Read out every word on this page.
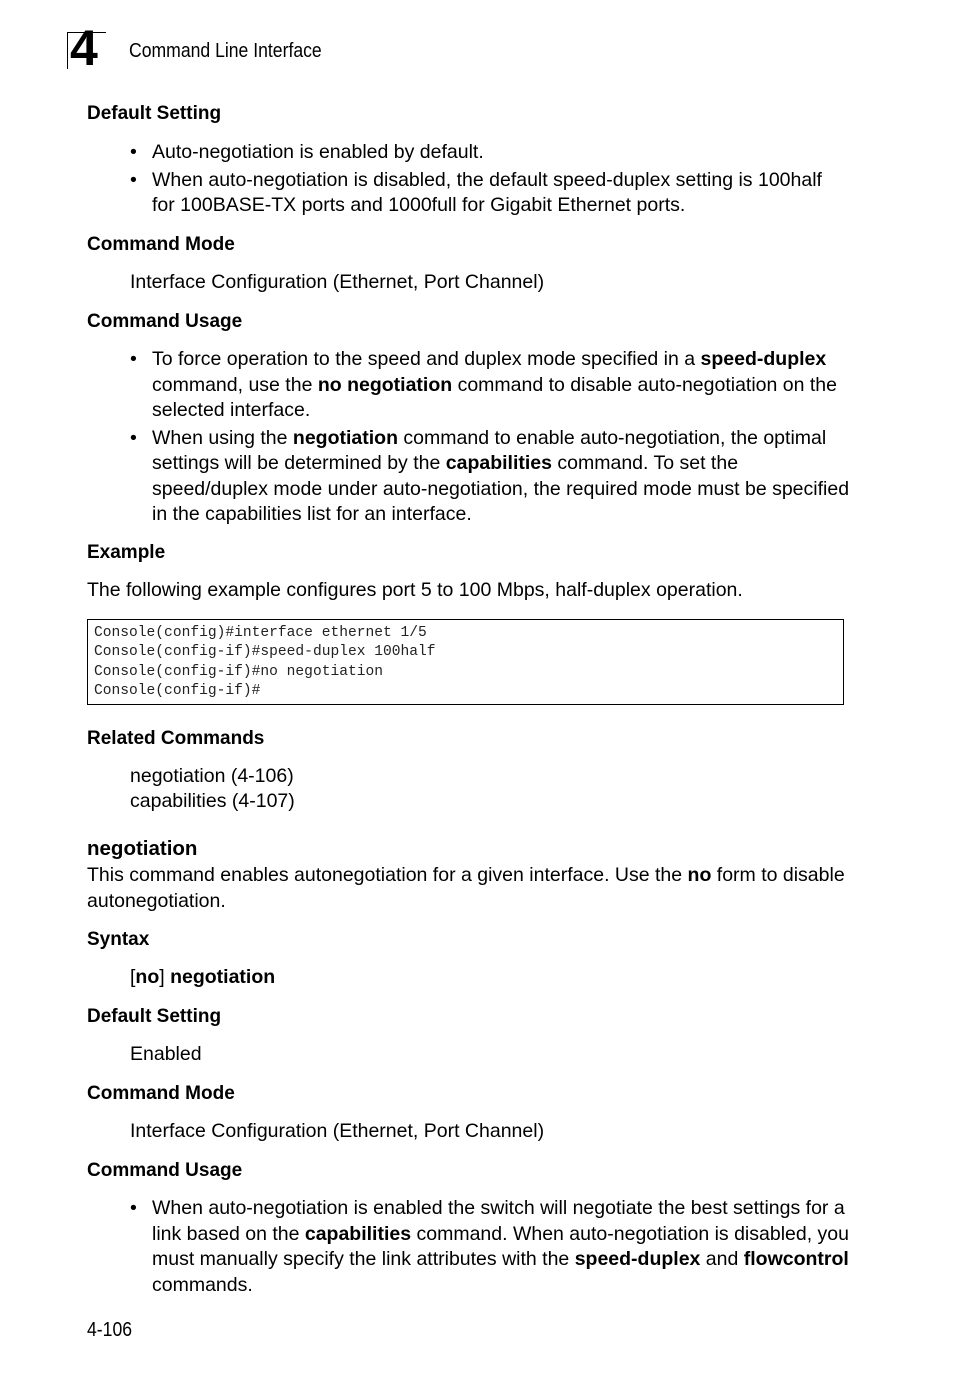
4 Command Line Interface
Default Setting
• Auto-negotiation is enabled by default.
• When auto-negotiation is disabled, the default speed-duplex setting is 100half for 100BASE-TX ports and 1000full for Gigabit Ethernet ports.
Command Mode
Interface Configuration (Ethernet, Port Channel)
Command Usage
• To force operation to the speed and duplex mode specified in a speed-duplex command, use the no negotiation command to disable auto-negotiation on the selected interface.
• When using the negotiation command to enable auto-negotiation, the optimal settings will be determined by the capabilities command. To set the speed/duplex mode under auto-negotiation, the required mode must be specified in the capabilities list for an interface.
Example
The following example configures port 5 to 100 Mbps, half-duplex operation.
Console(config)#interface ethernet 1/5
Console(config-if)#speed-duplex 100half
Console(config-if)#no negotiation
Console(config-if)#
Related Commands
negotiation (4-106)
capabilities (4-107)
negotiation
This command enables autonegotiation for a given interface. Use the no form to disable autonegotiation.
Syntax
[no] negotiation
Default Setting
Enabled
Command Mode
Interface Configuration (Ethernet, Port Channel)
Command Usage
• When auto-negotiation is enabled the switch will negotiate the best settings for a link based on the capabilities command. When auto-negotiation is disabled, you must manually specify the link attributes with the speed-duplex and flowcontrol commands.
4-106
